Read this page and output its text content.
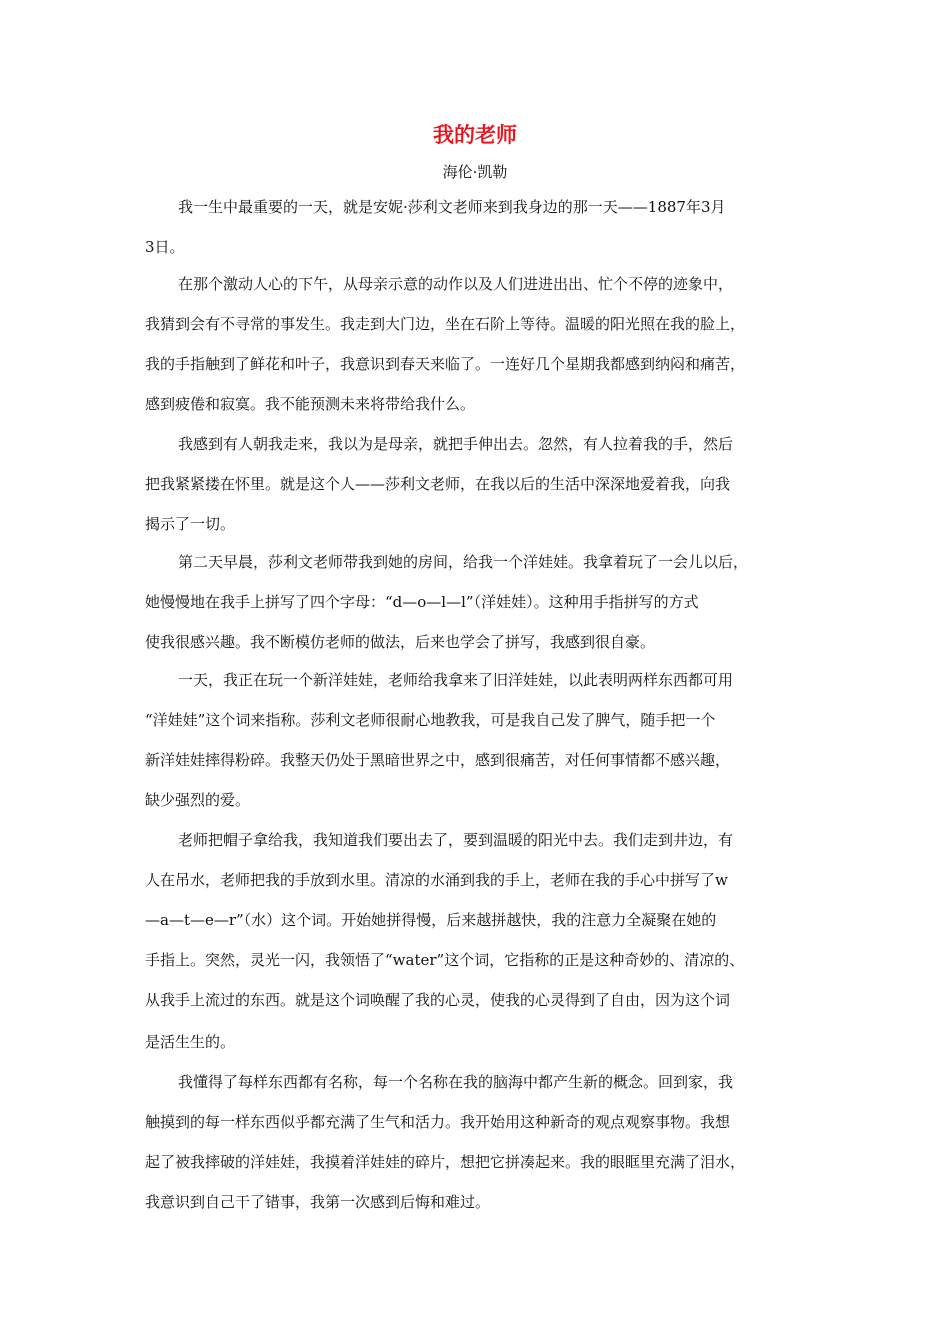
我的老师
海伦·凯勒
我一生中最重要的一天，就是安妮·莎利文老师来到我身边的那一天——1887年3月
3日。
在那个激动人心的下午，从母亲示意的动作以及人们进进出出、忙个不停的迹象中，
我猜到会有不寻常的事发生。我走到大门边，坐在石阶上等待。温暖的阳光照在我的脸上，
我的手指触到了鲜花和叶子，我意识到春天来临了。一连好几个星期我都感到纳闷和痛苦，
感到疲倦和寂寞。我不能预测未来将带给我什么。
我感到有人朝我走来，我以为是母亲，就把手伸出去。忽然，有人拉着我的手，然后
把我紧紧搂在怀里。就是这个人——莎利文老师，在我以后的生活中深深地爱着我，向我
揭示了一切。
第二天早晨，莎利文老师带我到她的房间，给我一个洋娃娃。我拿着玩了一会儿以后，
她慢慢地在我手上拼写了四个字母：“d—o—l—l”（洋娃娃）。这种用手指拼写的方式
使我很感兴趣。我不断模仿老师的做法，后来也学会了拼写，我感到很自豪。
一天，我正在玩一个新洋娃娃，老师给我拿来了旧洋娃娃，以此表明两样东西都可用
“洋娃娃”这个词来指称。莎利文老师很耐心地教我，可是我自己发了脾气，随手把一个
新洋娃娃摔得粉碎。我整天仍处于黑暗世界之中，感到很痛苦，对任何事情都不感兴趣，
缺少强烈的爱。
老师把帽子拿给我，我知道我们要出去了，要到温暖的阳光中去。我们走到井边，有
人在吊水，老师把我的手放到水里。清凉的水涌到我的手上，老师在我的手心中拼写了w
—a—t—e—r”（水）这个词。开始她拼得慢，后来越拼越快，我的注意力全凝聚在她的
手指上。突然，灵光一闪，我领悟了“water”这个词，它指称的正是这种奇妙的、清凉的、
从我手上流过的东西。就是这个词唤醒了我的心灵，使我的心灵得到了自由，因为这个词
是活生生的。
我懂得了每样东西都有名称，每一个名称在我的脑海中都产生新的概念。回到家，我
触摸到的每一样东西似乎都充满了生气和活力。我开始用这种新奇的观点观察事物。我想
起了被我摔破的洋娃娃，我摸着洋娃娃的碎片，想把它拼凑起来。我的眼眶里充满了泪水，
我意识到自己干了错事，我第一次感到后悔和难过。
